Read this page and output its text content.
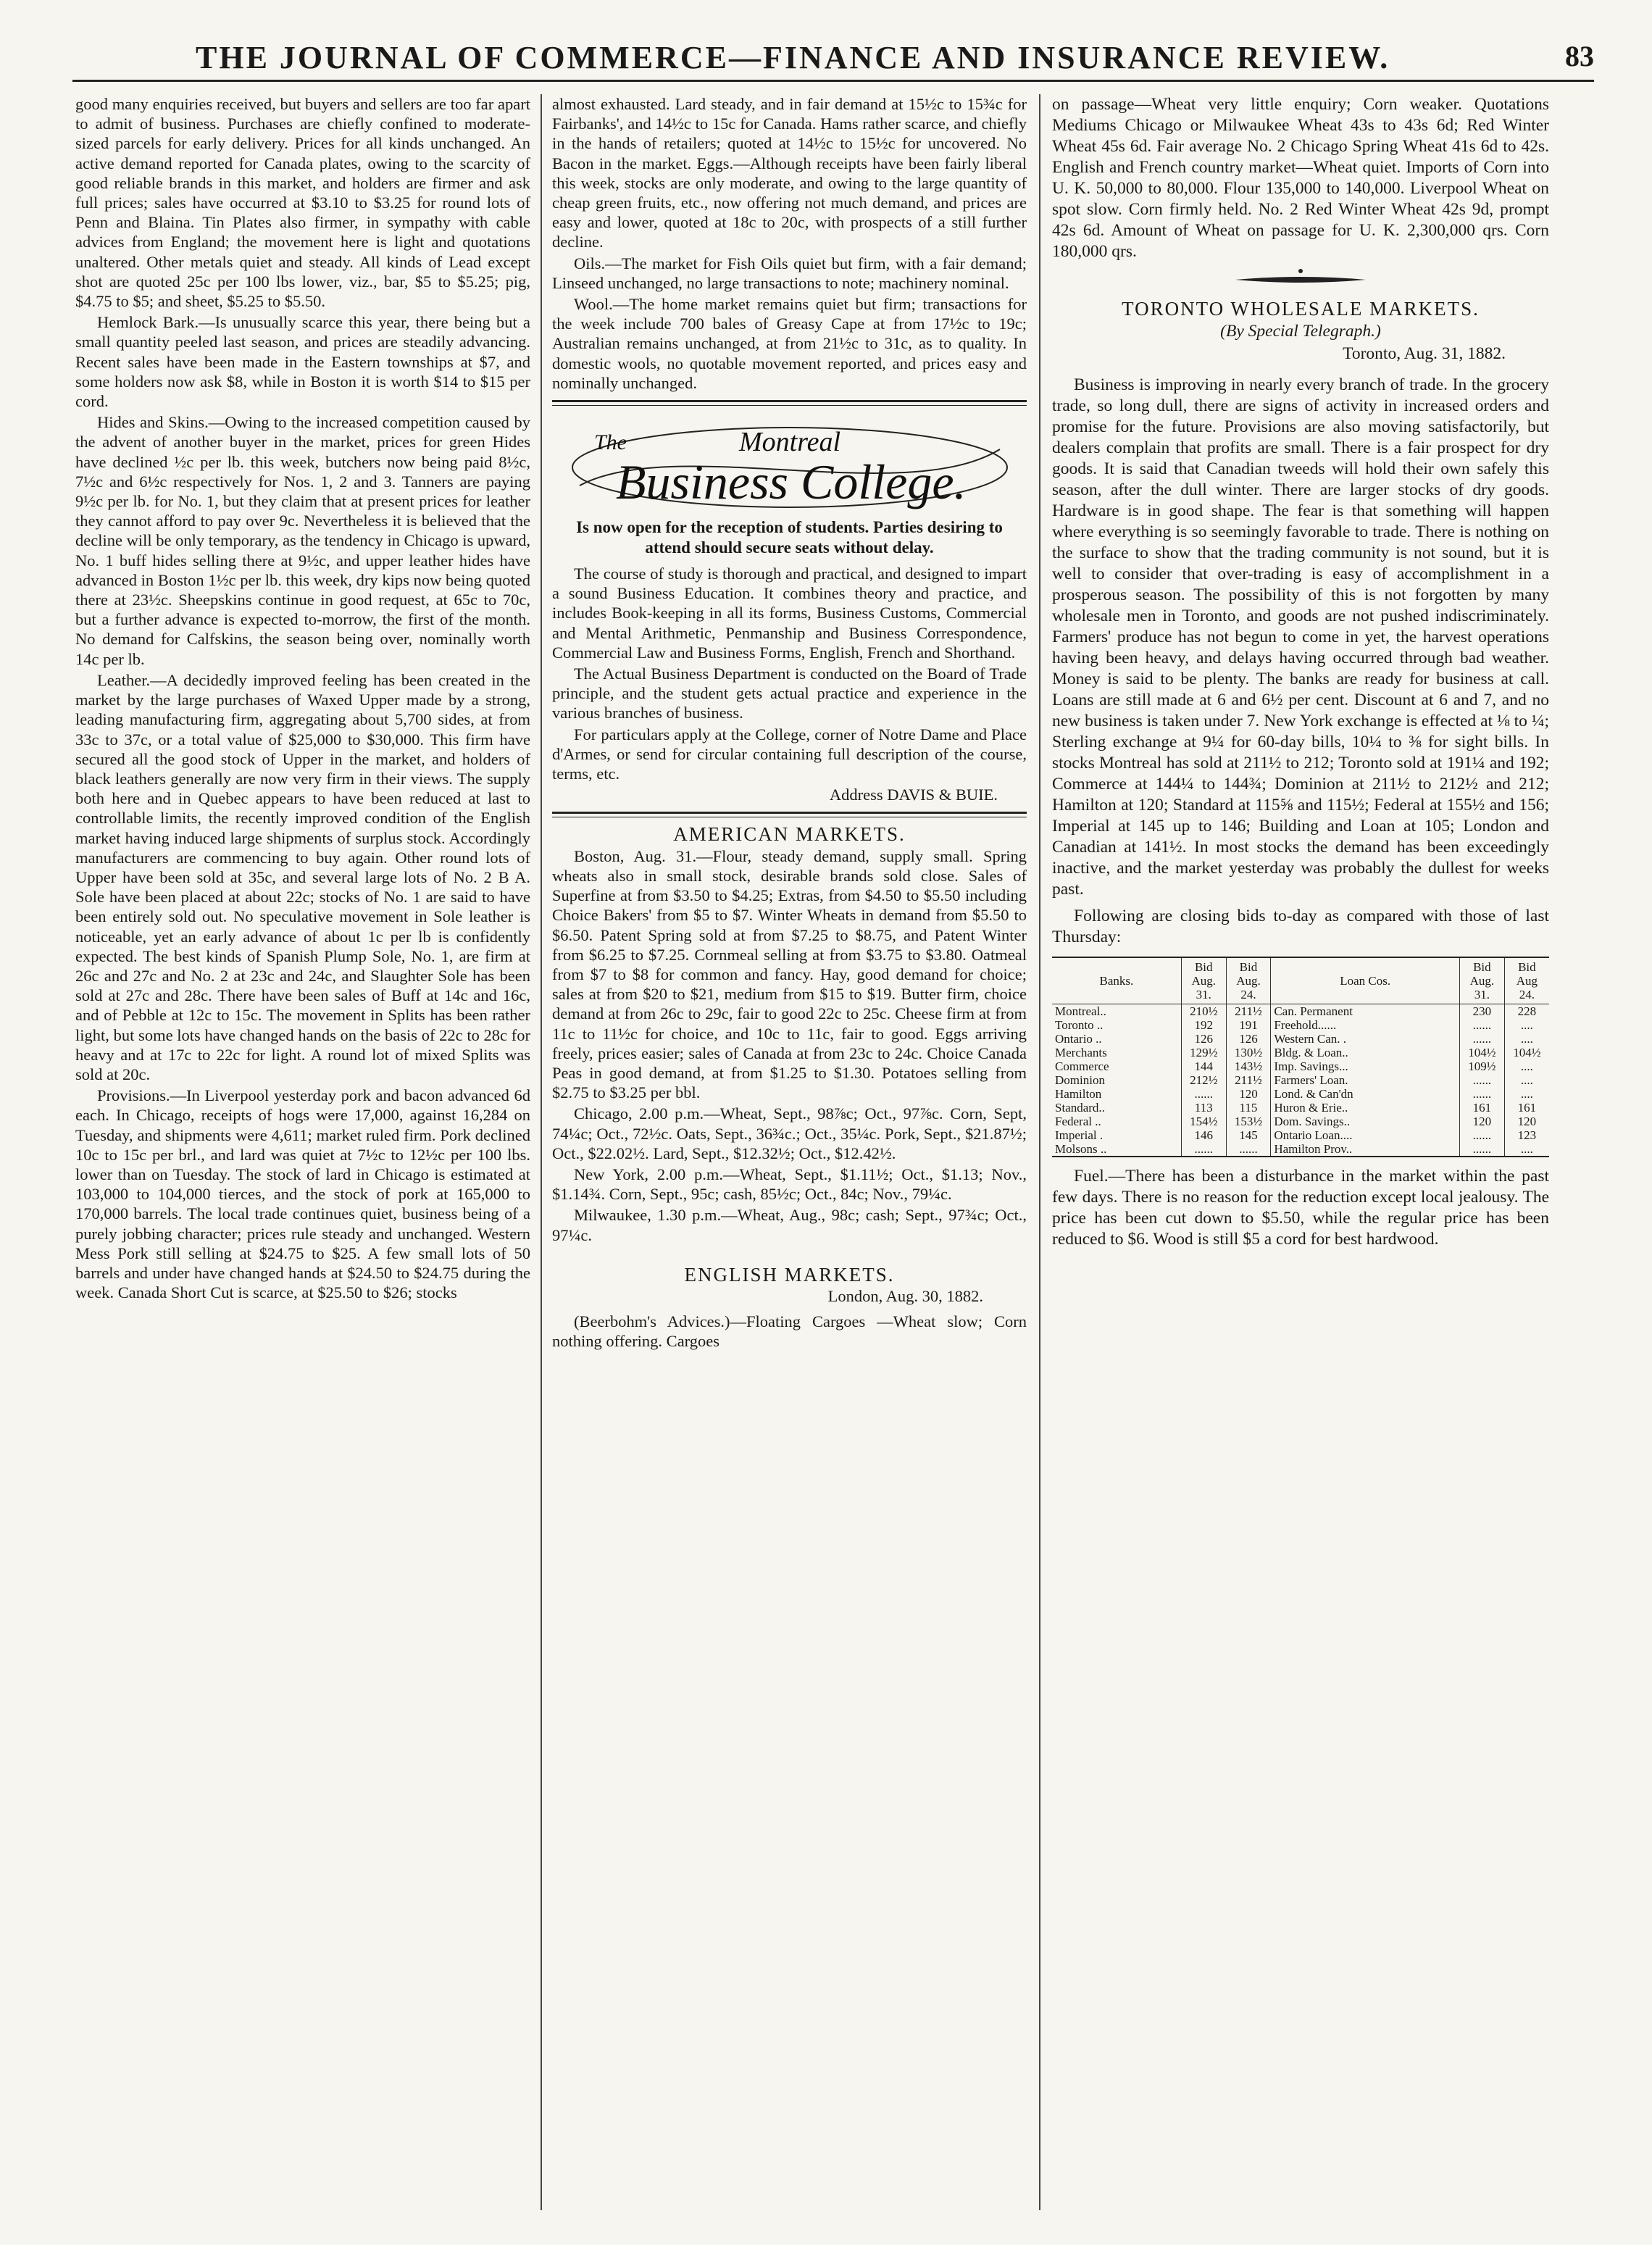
THE JOURNAL OF COMMERCE—FINANCE AND INSURANCE REVIEW.	83

good many enquiries received, but buyers and sellers are too far apart to admit of business. Purchases are chiefly confined to moderate-sized parcels for early delivery. Prices for all kinds unchanged. An active demand reported for Canada plates, owing to the scarcity of good reliable brands in this market, and holders are firmer and ask full prices; sales have occurred at $3.10 to $3.25 for round lots of Penn and Blaina. Tin Plates also firmer, in sympathy with cable advices from England; the movement here is light and quotations unaltered. Other metals quiet and steady. All kinds of Lead except shot are quoted 25c per 100 lbs lower, viz., bar, $5 to $5.25; pig, $4.75 to $5; and sheet, $5.25 to $5.50.

Hemlock Bark.—Is unusually scarce this year, there being but a small quantity peeled last season, and prices are steadily advancing. Recent sales have been made in the Eastern townships at $7, and some holders now ask $8, while in Boston it is worth $14 to $15 per cord.

Hides and Skins.—Owing to the increased competition caused by the advent of another buyer in the market, prices for green Hides have declined ½c per lb. this week, butchers now being paid 8½c, 7½c and 6½c respectively for Nos. 1, 2 and 3. Tanners are paying 9½c per lb. for No. 1, but they claim that at present prices for leather they cannot afford to pay over 9c. Nevertheless it is believed that the decline will be only temporary, as the tendency in Chicago is upward, No. 1 buff hides selling there at 9½c, and upper leather hides have advanced in Boston 1½c per lb. this week, dry kips now being quoted there at 23½c. Sheepskins continue in good request, at 65c to 70c, but a further advance is expected to-morrow, the first of the month. No demand for Calfskins, the season being over, nominally worth 14c per lb.

Leather.—A decidedly improved feeling has been created in the market by the large purchases of Waxed Upper made by a strong, leading manufacturing firm, aggregating about 5,700 sides, at from 33c to 37c, or a total value of $25,000 to $30,000. This firm have secured all the good stock of Upper in the market, and holders of black leathers generally are now very firm in their views. The supply both here and in Quebec appears to have been reduced at last to controllable limits, the recently improved condition of the English market having induced large shipments of surplus stock. Accordingly manufacturers are commencing to buy again. Other round lots of Upper have been sold at 35c, and several large lots of No. 2 B A. Sole have been placed at about 22c; stocks of No. 1 are said to have been entirely sold out. No speculative movement in Sole leather is noticeable, yet an early advance of about 1c per lb is confidently expected. The best kinds of Spanish Plump Sole, No. 1, are firm at 26c and 27c and No. 2 at 23c and 24c, and Slaughter Sole has been sold at 27c and 28c. There have been sales of Buff at 14c and 16c, and of Pebble at 12c to 15c. The movement in Splits has been rather light, but some lots have changed hands on the basis of 22c to 28c for heavy and at 17c to 22c for light. A round lot of mixed Splits was sold at 20c.

Provisions.—In Liverpool yesterday pork and bacon advanced 6d each. In Chicago, receipts of hogs were 17,000, against 16,284 on Tuesday, and shipments were 4,611; market ruled firm. Pork declined 10c to 15c per brl., and lard was quiet at 7½c to 12½c per 100 lbs. lower than on Tuesday. The stock of lard in Chicago is estimated at 103,000 to 104,000 tierces, and the stock of pork at 165,000 to 170,000 barrels. The local trade continues quiet, business being of a purely jobbing character; prices rule steady and unchanged. Western Mess Pork still selling at $24.75 to $25. A few small lots of 50 barrels and under have changed hands at $24.50 to $24.75 during the week. Canada Short Cut is scarce, at $25.50 to $26; stocks

almost exhausted. Lard steady, and in fair demand at 15½c to 15¾c for Fairbanks', and 14½c to 15c for Canada. Hams rather scarce, and chiefly in the hands of retailers; quoted at 14½c to 15½c for uncovered. No Bacon in the market. Eggs.—Although receipts have been fairly liberal this week, stocks are only moderate, and owing to the large quantity of cheap green fruits, etc., now offering not much demand, and prices are easy and lower, quoted at 18c to 20c, with prospects of a still further decline.

Oils.—The market for Fish Oils quiet but firm, with a fair demand; Linseed unchanged, no large transactions to note; machinery nominal.

Wool.—The home market remains quiet but firm; transactions for the week include 700 bales of Greasy Cape at from 17½c to 19c; Australian remains unchanged, at from 21½c to 31c, as to quality. In domestic wools, no quotable movement reported, and prices easy and nominally unchanged.

The	Montreal
Business College.

Is now open for the reception of students. Parties desiring to attend should secure seats without delay.

The course of study is thorough and practical, and designed to impart a sound Business Education. It combines theory and practice, and includes Book-keeping in all its forms, Business Customs, Commercial and Mental Arithmetic, Penmanship and Business Correspondence, Commercial Law and Business Forms, English, French and Shorthand.

The Actual Business Department is conducted on the Board of Trade principle, and the student gets actual practice and experience in the various branches of business.

For particulars apply at the College, corner of Notre Dame and Place d'Armes, or send for circular containing full description of the course, terms, etc.

Address DAVIS & BUIE.

AMERICAN MARKETS.

Boston, Aug. 31.—Flour, steady demand, supply small. Spring wheats also in small stock, desirable brands sold close. Sales of Superfine at from $3.50 to $4.25; Extras, from $4.50 to $5.50 including Choice Bakers' from $5 to $7. Winter Wheats in demand from $5.50 to $6.50. Patent Spring sold at from $7.25 to $8.75, and Patent Winter from $6.25 to $7.25. Cornmeal selling at from $3.75 to $3.80. Oatmeal from $7 to $8 for common and fancy. Hay, good demand for choice; sales at from $20 to $21, medium from $15 to $19. Butter firm, choice demand at from 26c to 29c, fair to good 22c to 25c. Cheese firm at from 11c to 11½c for choice, and 10c to 11c, fair to good. Eggs arriving freely, prices easier; sales of Canada at from 23c to 24c. Choice Canada Peas in good demand, at from $1.25 to $1.30. Potatoes selling from $2.75 to $3.25 per bbl.

Chicago, 2.00 p.m.—Wheat, Sept., 98⅞c; Oct., 97⅞c. Corn, Sept, 74¼c; Oct., 72½c. Oats, Sept., 36¾c.; Oct., 35¼c. Pork, Sept., $21.87½; Oct., $22.02½. Lard, Sept., $12.32½; Oct., $12.42½.

New York, 2.00 p.m.—Wheat, Sept., $1.11½; Oct., $1.13; Nov., $1.14¾. Corn, Sept., 95c; cash, 85½c; Oct., 84c; Nov., 79¼c.

Milwaukee, 1.30 p.m.—Wheat, Aug., 98c; cash; Sept., 97¾c; Oct., 97¼c.

ENGLISH MARKETS.

London, Aug. 30, 1882.

(Beerbohm's Advices.)—Floating Cargoes —Wheat slow; Corn nothing offering. Cargoes

on passage—Wheat very little enquiry; Corn weaker. Quotations Mediums Chicago or Milwaukee Wheat 43s to 43s 6d; Red Winter Wheat 45s 6d. Fair average No. 2 Chicago Spring Wheat 41s 6d to 42s. English and French country market—Wheat quiet. Imports of Corn into U. K. 50,000 to 80,000. Flour 135,000 to 140,000. Liverpool Wheat on spot slow. Corn firmly held. No. 2 Red Winter Wheat 42s 9d, prompt 42s 6d. Amount of Wheat on passage for U. K. 2,300,000 qrs. Corn 180,000 qrs.

TORONTO WHOLESALE MARKETS.

(By Special Telegraph.)

Toronto, Aug. 31, 1882.

Business is improving in nearly every branch of trade. In the grocery trade, so long dull, there are signs of activity in increased orders and promise for the future. Provisions are also moving satisfactorily, but dealers complain that profits are small. There is a fair prospect for dry goods. It is said that Canadian tweeds will hold their own safely this season, after the dull winter. There are larger stocks of dry goods. Hardware is in good shape. The fear is that something will happen where everything is so seemingly favorable to trade. There is nothing on the surface to show that the trading community is not sound, but it is well to consider that over-trading is easy of accomplishment in a prosperous season. The possibility of this is not forgotten by many wholesale men in Toronto, and goods are not pushed indiscriminately. Farmers' produce has not begun to come in yet, the harvest operations having been heavy, and delays having occurred through bad weather. Money is said to be plenty. The banks are ready for business at call. Loans are still made at 6 and 6½ per cent. Discount at 6 and 7, and no new business is taken under 7. New York exchange is effected at ⅛ to ¼; Sterling exchange at 9¼ for 60-day bills, 10¼ to ⅜ for sight bills. In stocks Montreal has sold at 211½ to 212; Toronto sold at 191¼ and 192; Commerce at 144¼ to 144¾; Dominion at 211½ to 212½ and 212; Hamilton at 120; Standard at 115⅝ and 115½; Federal at 155½ and 156; Imperial at 145 up to 146; Building and Loan at 105; London and Canadian at 141½. In most stocks the demand has been exceedingly inactive, and the market yesterday was probably the dullest for weeks past.

Following are closing bids to-day as compared with those of last Thursday:

Banks.	Bid Aug. 31.	Bid Aug. 24.	Loan Cos.	Bid Aug. 31.	Bid Aug 24.
Montreal..	210½	211½	Can. Permanent	230	228
Toronto ..	192	191	Freehold......	......	....
Ontario ..	126	126	Western Can. .	......	....
Merchants	129½	130½	Bldg. & Loan..	104½	104½
Commerce	144	143½	Imp. Savings...	109½	....
Dominion	212½	211½	Farmers' Loan.	......	....
Hamilton	......	120	Lond. & Can'dn	......	....
Standard..	113	115	Huron & Erie..	161	161
Federal ..	154½	153½	Dom. Savings..	120	120
Imperial .	146	145	Ontario Loan....	......	123
Molsons ..	......	......	Hamilton Prov..	......	....

Fuel.—There has been a disturbance in the market within the past few days. There is no reason for the reduction except local jealousy. The price has been cut down to $5.50, while the regular price has been reduced to $6. Wood is still $5 a cord for best hardwood.
